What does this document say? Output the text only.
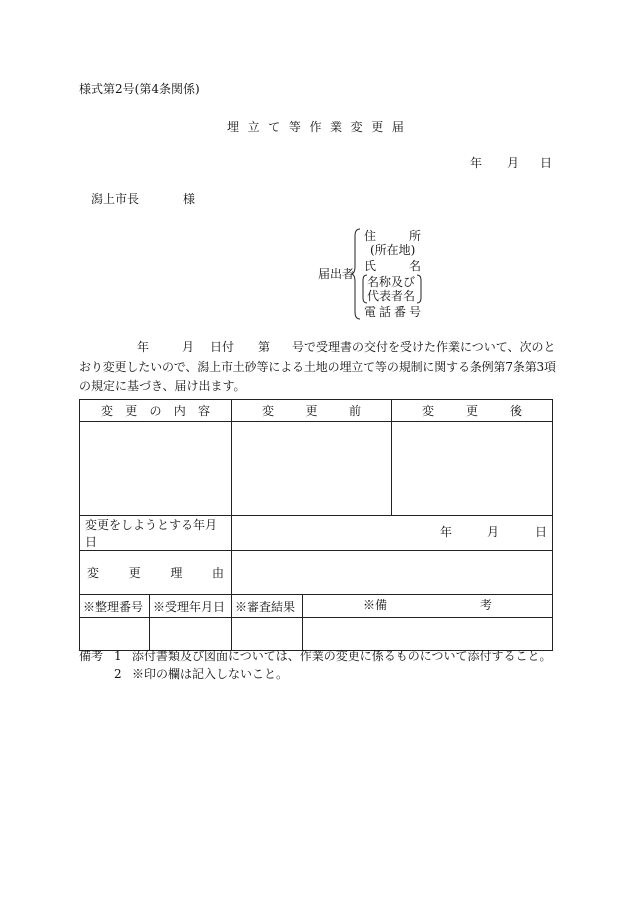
様式第2号(第4条関係)
埋 立 て 等 作 業 変 更 届
年 月 日
潟上市長	様
届出者
住	所
(所在地)
氏	名
名称及び
代表者名
電 話 番 号
年	月 日付 第 号で受理書の交付を受けた作業について、次のと
おり変更したいので、潟上市土砂等による土地の埋立て等の規制に関する条例第7条第3項
の規定に基づき、届け出ます。
変 更 の 内 容		変 更 前		変 更 後

変更をしようとする年月日		年 月 日		

変 更 理 由				

※整理番号	※受理年月日	※審査結果	※備 考	

備考 1 添付書類及び図面については、作業の変更に係るものについて添付すること。
2 ※印の欄は記入しないこと。
